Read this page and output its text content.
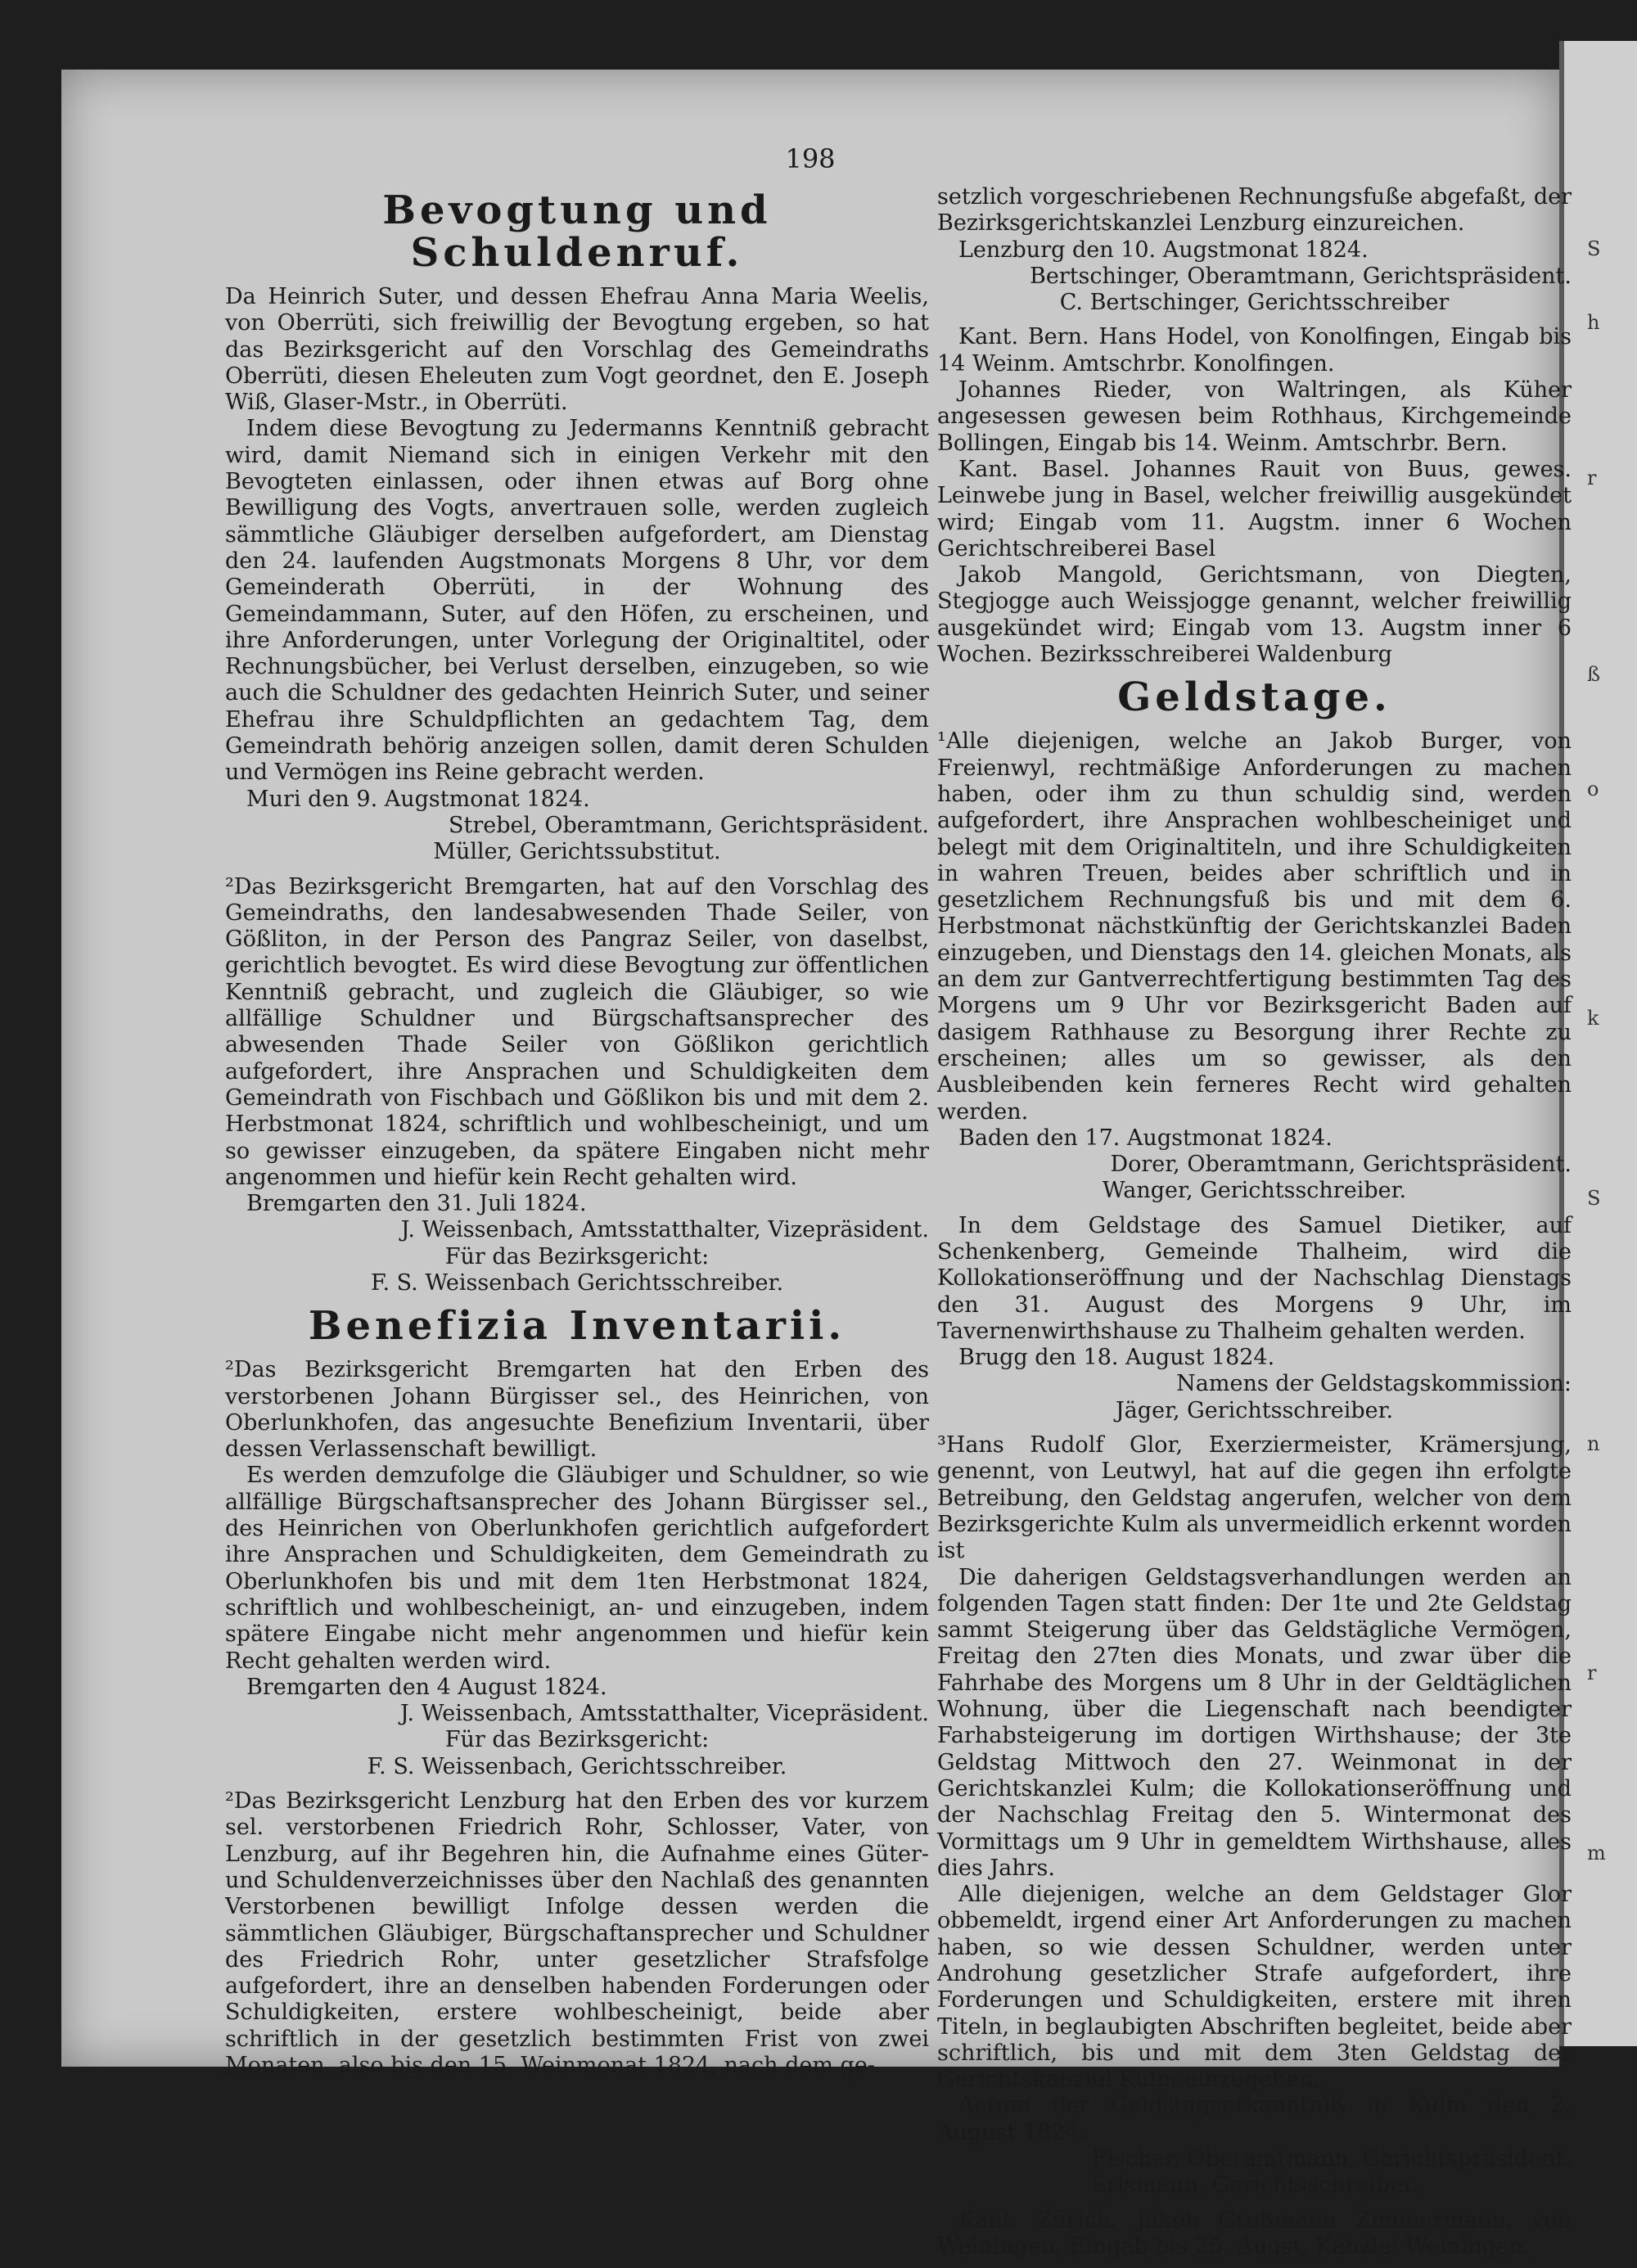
S
h
r
ß
o
k
S
n
r
m
198
Bevogtung und Schuldenruf.

Da Heinrich Suter, und dessen Ehefrau Anna Maria Weelis, von Oberrüti, sich freiwillig der Bevogtung ergeben, so hat das Bezirksgericht auf den Vorschlag des Gemeindraths Oberrüti, diesen Eheleuten zum Vogt geordnet, den E. Joseph Wiß, Glaser-Mstr., in Oberrüti.

Indem diese Bevogtung zu Jedermanns Kenntniß gebracht wird, damit Niemand sich in einigen Verkehr mit den Bevogteten einlassen, oder ihnen etwas auf Borg ohne Bewilligung des Vogts, anvertrauen solle, werden zugleich sämmtliche Gläubiger derselben aufgefordert, am Dienstag den 24. laufenden Augstmonats Morgens 8 Uhr, vor dem Gemeinderath Oberrüti, in der Wohnung des Gemeindammann, Suter, auf den Höfen, zu erscheinen, und ihre Anforderungen, unter Vorlegung der Originaltitel, oder Rechnungsbücher, bei Verlust derselben, einzugeben, so wie auch die Schuldner des gedachten Heinrich Suter, und seiner Ehefrau ihre Schuldpflichten an gedachtem Tag, dem Gemeindrath behörig anzeigen sollen, damit deren Schulden und Vermögen ins Reine gebracht werden.

Muri den 9. Augstmonat 1824.

Strebel, Oberamtmann, Gerichtspräsident.

Müller, Gerichtssubstitut.

²Das Bezirksgericht Bremgarten, hat auf den Vorschlag des Gemeindraths, den landesabwesenden Thade Seiler, von Gößliton, in der Person des Pangraz Seiler, von daselbst, gerichtlich bevogtet. Es wird diese Bevogtung zur öffentlichen Kenntniß gebracht, und zugleich die Gläubiger, so wie allfällige Schuldner und Bürgschaftsansprecher des abwesenden Thade Seiler von Gößlikon gerichtlich aufgefordert, ihre Ansprachen und Schuldigkeiten dem Gemeindrath von Fischbach und Gößlikon bis und mit dem 2. Herbstmonat 1824, schriftlich und wohlbescheinigt, und um so gewisser einzugeben, da spätere Eingaben nicht mehr angenommen und hiefür kein Recht gehalten wird.

Bremgarten den 31. Juli 1824.

J. Weissenbach, Amtsstatthalter, Vizepräsident.

Für das Bezirksgericht:

F. S. Weissenbach Gerichtsschreiber.

Benefizia Inventarii.

²Das Bezirksgericht Bremgarten hat den Erben des verstorbenen Johann Bürgisser sel., des Heinrichen, von Oberlunkhofen, das angesuchte Benefizium Inventarii, über dessen Verlassenschaft bewilligt.

Es werden demzufolge die Gläubiger und Schuldner, so wie allfällige Bürgschaftsansprecher des Johann Bürgisser sel., des Heinrichen von Oberlunkhofen gerichtlich aufgefordert ihre Ansprachen und Schuldigkeiten, dem Gemeindrath zu Oberlunkhofen bis und mit dem 1ten Herbstmonat 1824, schriftlich und wohlbescheinigt, an- und einzugeben, indem spätere Eingabe nicht mehr angenommen und hiefür kein Recht gehalten werden wird.

Bremgarten den 4 August 1824.

J. Weissenbach, Amtsstatthalter, Vicepräsident.

Für das Bezirksgericht:

F. S. Weissenbach, Gerichtsschreiber.

²Das Bezirksgericht Lenzburg hat den Erben des vor kurzem sel. verstorbenen Friedrich Rohr, Schlosser, Vater, von Lenzburg, auf ihr Begehren hin, die Aufnahme eines Güter- und Schuldenverzeichnisses über den Nachlaß des genannten Verstorbenen bewilligt Infolge dessen werden die sämmtlichen Gläubiger, Bürgschaftansprecher und Schuldner des Friedrich Rohr, unter gesetzlicher Strafsfolge aufgefordert, ihre an denselben habenden Forderungen oder Schuldigkeiten, erstere wohlbescheinigt, beide aber schriftlich in der gesetzlich bestimmten Frist von zwei Monaten, also bis den 15. Weinmonat 1824, nach dem ge-

setzlich vorgeschriebenen Rechnungsfuße abgefaßt, der Bezirksgerichtskanzlei Lenzburg einzureichen.

Lenzburg den 10. Augstmonat 1824.

Bertschinger, Oberamtmann, Gerichtspräsident.

C. Bertschinger, Gerichtsschreiber

Kant. Bern. Hans Hodel, von Konolfingen, Eingab bis 14 Weinm. Amtschrbr. Konolfingen.

Johannes Rieder, von Waltringen, als Küher angesessen gewesen beim Rothhaus, Kirchgemeinde Bollingen, Eingab bis 14. Weinm. Amtschrbr. Bern.

Kant. Basel. Johannes Rauit von Buus, gewes. Leinwebe jung in Basel, welcher freiwillig ausgekündet wird; Eingab vom 11. Augstm. inner 6 Wochen Gerichtschreiberei Basel

Jakob Mangold, Gerichtsmann, von Diegten, Stegjogge auch Weissjogge genannt, welcher freiwillig ausgekündet wird; Eingab vom 13. Augstm inner 6 Wochen. Bezirksschreiberei Waldenburg

Geldstage.

¹Alle diejenigen, welche an Jakob Burger, von Freienwyl, rechtmäßige Anforderungen zu machen haben, oder ihm zu thun schuldig sind, werden aufgefordert, ihre Ansprachen wohlbescheiniget und belegt mit dem Originaltiteln, und ihre Schuldigkeiten in wahren Treuen, beides aber schriftlich und in gesetzlichem Rechnungsfuß bis und mit dem 6. Herbstmonat nächstkünftig der Gerichtskanzlei Baden einzugeben, und Dienstags den 14. gleichen Monats, als an dem zur Gantverrechtfertigung bestimmten Tag des Morgens um 9 Uhr vor Bezirksgericht Baden auf dasigem Rathhause zu Besorgung ihrer Rechte zu erscheinen; alles um so gewisser, als den Ausbleibenden kein ferneres Recht wird gehalten werden.

Baden den 17. Augstmonat 1824.

Dorer, Oberamtmann, Gerichtspräsident.

Wanger, Gerichtsschreiber.

In dem Geldstage des Samuel Dietiker, auf Schenkenberg, Gemeinde Thalheim, wird die Kollokationseröffnung und der Nachschlag Dienstags den 31. August des Morgens 9 Uhr, im Tavernenwirthshause zu Thalheim gehalten werden.

Brugg den 18. August 1824.

Namens der Geldstagskommission:

Jäger, Gerichtsschreiber.

³Hans Rudolf Glor, Exerziermeister, Krämersjung, genennt, von Leutwyl, hat auf die gegen ihn erfolgte Betreibung, den Geldstag angerufen, welcher von dem Bezirksgerichte Kulm als unvermeidlich erkennt worden ist

Die daherigen Geldstagsverhandlungen werden an folgenden Tagen statt finden: Der 1te und 2te Geldstag sammt Steigerung über das Geldstägliche Vermögen, Freitag den 27ten dies Monats, und zwar über die Fahrhabe des Morgens um 8 Uhr in der Geldtäglichen Wohnung, über die Liegenschaft nach beendigter Farhabsteigerung im dortigen Wirthshause; der 3te Geldstag Mittwoch den 27. Weinmonat in der Gerichtskanzlei Kulm; die Kollokationseröffnung und der Nachschlag Freitag den 5. Wintermonat des Vormittags um 9 Uhr in gemeldtem Wirthshause, alles dies Jahrs.

Alle diejenigen, welche an dem Geldstager Glor obbemeldt, irgend einer Art Anforderungen zu machen haben, so wie dessen Schuldner, werden unter Androhung gesetzlicher Strafe aufgefordert, ihre Forderungen und Schuldigkeiten, erstere mit ihren Titeln, in beglaubigten Abschriften begleitet, beide aber schriftlich, bis und mit dem 3ten Geldstag der Gerichtskanzlei Kulm einzugeben.

Actum der Geldstagserkanntniß in Kulm den 2. August 1824.

Fischer, Oberamtmann, Gerichtspräsident.

Erismann, Gerichtsschreiber.

Kant. Zürich. Jakob Großmann Zimmermann, von Weiningen, Eingab bis 25. Augst, Kanzlei Weiningen.
